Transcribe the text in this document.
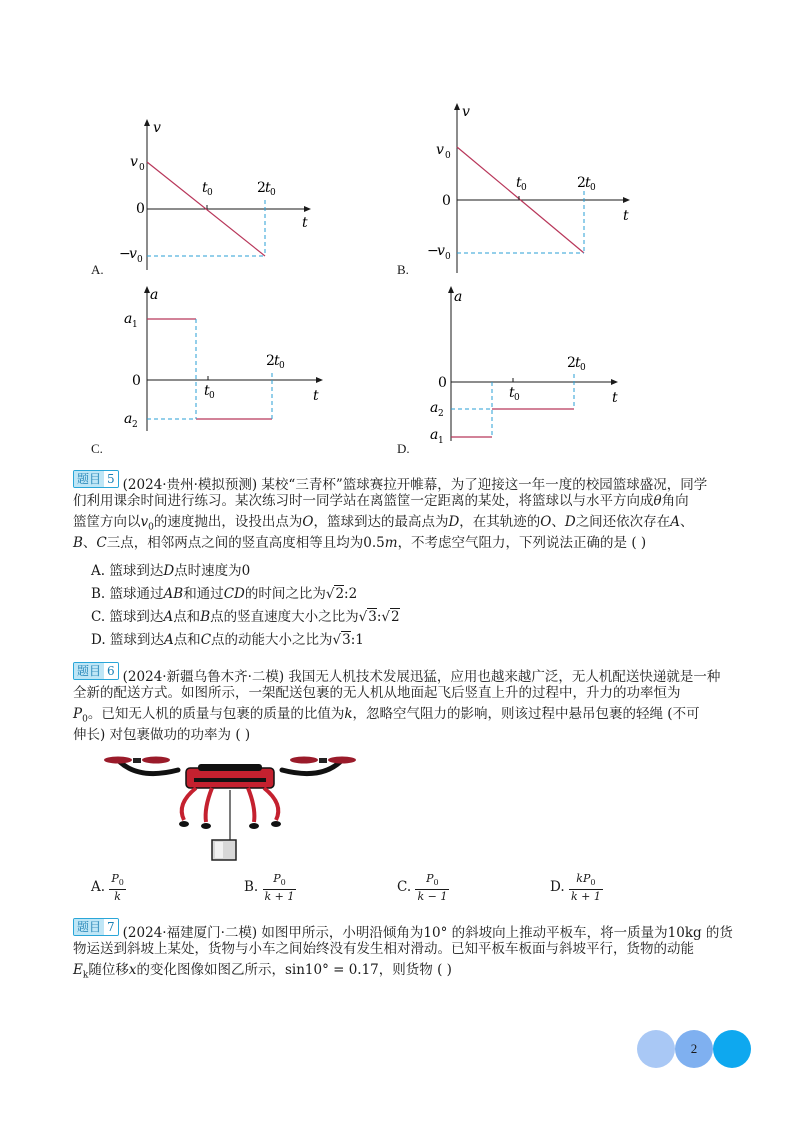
v
t
v 0
0
t 0	2 t 0
−
v 0
A.
v
t
v 0
0
t 0	2 t 0
−
v 0
B.
a
t
a 1
0
t 0
2 t 0
a 2
C.
a
t
0
t 0
2 t 0
a 2
a 1
D.
题目 5 (2024·贵州·模拟预测) 某校“三青杯”篮球赛拉开帷幕，为了迎接这一年一度的校园篮球盛况，同学
们利用课余时间进行练习。某次练习时一同学站在离篮筐一定距离的某处，将篮球以与水平方向成θ角向
篮筐方向以$v_0$的速度抛出，设投出点为O，篮球到达的最高点为D，在其轨迹的O、D之间还依次存在A、
B、C三点，相邻两点之间的竖直高度相等且均为0.5m，不考虑空气阻力，下列说法正确的是 ( )
A. 篮球到达D点时速度为0
B. 篮球通过AB和通过CD的时间之比为√2:2
C. 篮球到达A点和B点的竖直速度大小之比为√3:√2
D. 篮球到达A点和C点的动能大小之比为√3:1
题目 6 (2024·新疆乌鲁木齐·二模) 我国无人机技术发展迅猛，应用也越来越广泛，无人机配送快递就是一种
全新的配送方式。如图所示，一架配送包裹的无人机从地面起飞后竖直上升的过程中，升力的功率恒为
$P_0$。已知无人机的质量与包裹的质量的比值为k，忽略空气阻力的影响，则该过程中悬吊包裹的轻绳 (不可
伸长) 对包裹做功的功率为 ( )
A. $\frac{P_0}{k}$	B. $\frac{P_0}{k + 1}$	C. $\frac{P_0}{k - 1}$	D. $\frac{kP_0}{k + 1}$
题目 7 (2024·福建厦门·二模) 如图甲所示，小明沿倾角为10° 的斜坡向上推动平板车，将一质量为10kg 的货
物运送到斜坡上某处，货物与小车之间始终没有发生相对滑动。已知平板车板面与斜坡平行，货物的动能
$E_k$随位移x的变化图像如图乙所示，sin10° = 0.17，则货物 ( )
2
